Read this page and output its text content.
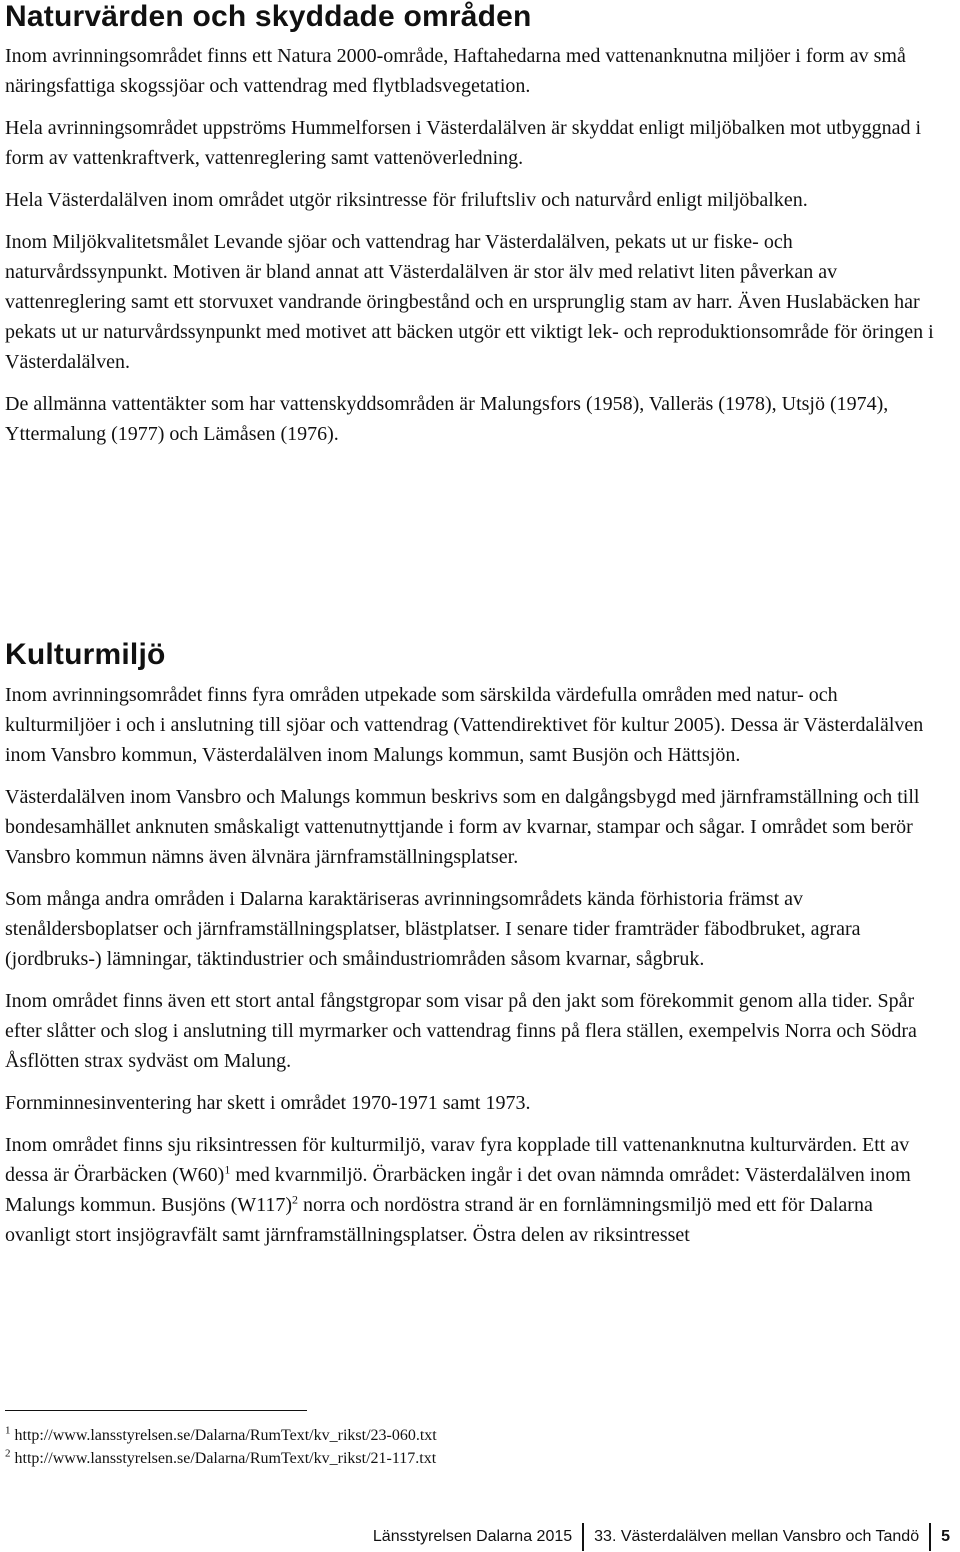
Naturvärden och skyddade områden

Inom avrinningsområdet finns ett Natura 2000-område, Haftahedarna med vattenanknutna miljöer i form av små näringsfattiga skogssjöar och vattendrag med flytbladsvegetation.

Hela avrinningsområdet uppströms Hummelforsen i Västerdalälven är skyddat enligt miljöbalken mot utbyggnad i form av vattenkraftverk, vattenreglering samt vattenöverledning.

Hela Västerdalälven inom området utgör riksintresse för friluftsliv och naturvård enligt miljöbalken.

Inom Miljökvalitetsmålet Levande sjöar och vattendrag har Västerdalälven, pekats ut ur fiske- och naturvårdssynpunkt. Motiven är bland annat att Västerdalälven är stor älv med relativt liten påverkan av vattenreglering samt ett storvuxet vandrande öringbestånd och en ursprunglig stam av harr. Även Huslabäcken har pekats ut ur naturvårdssynpunkt med motivet att bäcken utgör ett viktigt lek- och reproduktionsområde för öringen i Västerdalälven.

De allmänna vattentäkter som har vattenskyddsområden är Malungsfors (1958), Valleräs (1978), Utsjö (1974), Yttermalung (1977) och Lämåsen (1976).

Kulturmiljö

Inom avrinningsområdet finns fyra områden utpekade som särskilda värdefulla områden med natur- och kulturmiljöer i och i anslutning till sjöar och vattendrag (Vattendirektivet för kultur 2005). Dessa är Västerdalälven inom Vansbro kommun, Västerdalälven inom Malungs kommun, samt Busjön och Hättsjön.

Västerdalälven inom Vansbro och Malungs kommun beskrivs som en dalgångsbygd med järnframställning och till bondesamhället anknuten småskaligt vattenutnyttjande i form av kvarnar, stampar och sågar. I området som berör Vansbro kommun nämns även älvnära järnframställningsplatser.

Som många andra områden i Dalarna karaktäriseras avrinningsområdets kända förhistoria främst av stenåldersboplatser och järnframställningsplatser, blästplatser. I senare tider framträder fäbodbruket, agrara (jordbruks-) lämningar, täktindustrier och småindustriområden såsom kvarnar, sågbruk.

Inom området finns även ett stort antal fångstgropar som visar på den jakt som förekommit genom alla tider. Spår efter slåtter och slog i anslutning till myrmarker och vattendrag finns på flera ställen, exempelvis Norra och Södra Åsflötten strax sydväst om Malung.

Fornminnesinventering har skett i området 1970-1971 samt 1973.

Inom området finns sju riksintressen för kulturmiljö, varav fyra kopplade till vattenanknutna kulturvärden. Ett av dessa är Örarbäcken $(W60)^1$ med kvarnmiljö. Örarbäcken ingår i det ovan nämnda området: Västerdalälven inom Malungs kommun. Busjöns $(W117)^2$ norra och nordöstra strand är en fornlämningsmiljö med ett för Dalarna ovanligt stort insjögravfält samt järnframställningsplatser. Östra delen av riksintresset

$^1$ http://www.lansstyrelsen.se/Dalarna/RumText/kv_rikst/23-060.txt

$^2$ http://www.lansstyrelsen.se/Dalarna/RumText/kv_rikst/21-117.txt

Länsstyrelsen Dalarna 2015 33. Västerdalälven mellan Vansbro och Tandö 5
